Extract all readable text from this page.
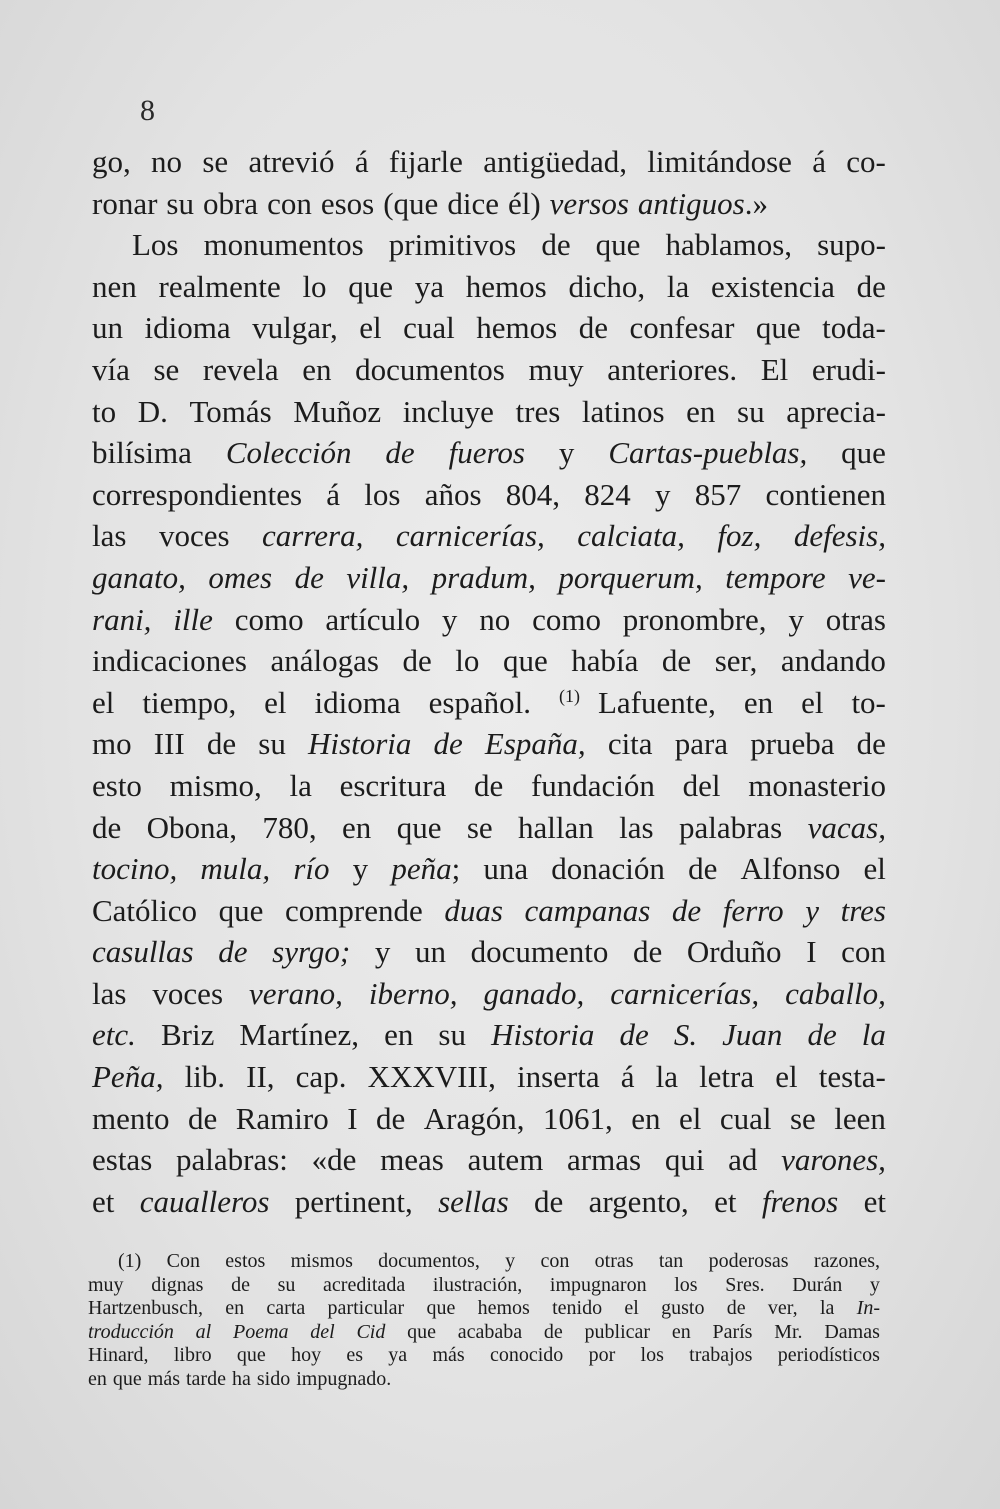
8
go, no se atrevió á fijarle antigüedad, limitándose á co-
ronar su obra con esos (que dice él) versos antiguos.»
Los monumentos primitivos de que hablamos, supo-
nen realmente lo que ya hemos dicho, la existencia de
un idioma vulgar, el cual hemos de confesar que toda-
vía se revela en documentos muy anteriores. El erudi-
to D. Tomás Muñoz incluye tres latinos en su apreciа-
bilísima Colección de fueros y Cartas-pueblas, que
correspondientes á los años 804, 824 y 857 contienen
las voces carrera, carnicerías, calciata, foz, defesis,
ganato, omes de villa, pradum, porquerum, tempore ve-
rani, ille como artículo y no como pronombre, y otras
indicaciones análogas de lo que había de ser, andando
el tiempo, el idioma español. $^{(1)}$ Lafuente, en el to-
mo III de su Historia de España, cita para prueba de
esto mismo, la escritura de fundación del monasterio
de Obona, 780, en que se hallan las palabras vacas,
tocino, mula, río y peña; una donación de Alfonso el
Católico que comprende duas campanas de ferro y tres
casullas de syrgo; y un documento de Orduño I con
las voces verano, iberno, ganado, carnicerías, caballo,
etc. Briz Martínez, en su Historia de S. Juan de la
Peña, lib. II, cap. XXXVIII, inserta á la letra el testa-
mento de Ramiro I de Aragón, 1061, en el cual se leen
estas palabras: «de meas autem armas qui ad varones,
et caualleros pertinent, sellas de argento, et frenos et
(1) Con estos mismos documentos, y con otras tan poderosas razones,
muy dignas de su acreditada ilustración, impugnaron los Sres. Durán y
Hartzenbusch, en carta particular que hemos tenido el gusto de ver, la In-
troducción al Poema del Cid que acababa de publicar en París Mr. Damas
Hinard, libro que hoy es ya más conocido por los trabajos periodísticos
en que más tarde ha sido impugnado.
